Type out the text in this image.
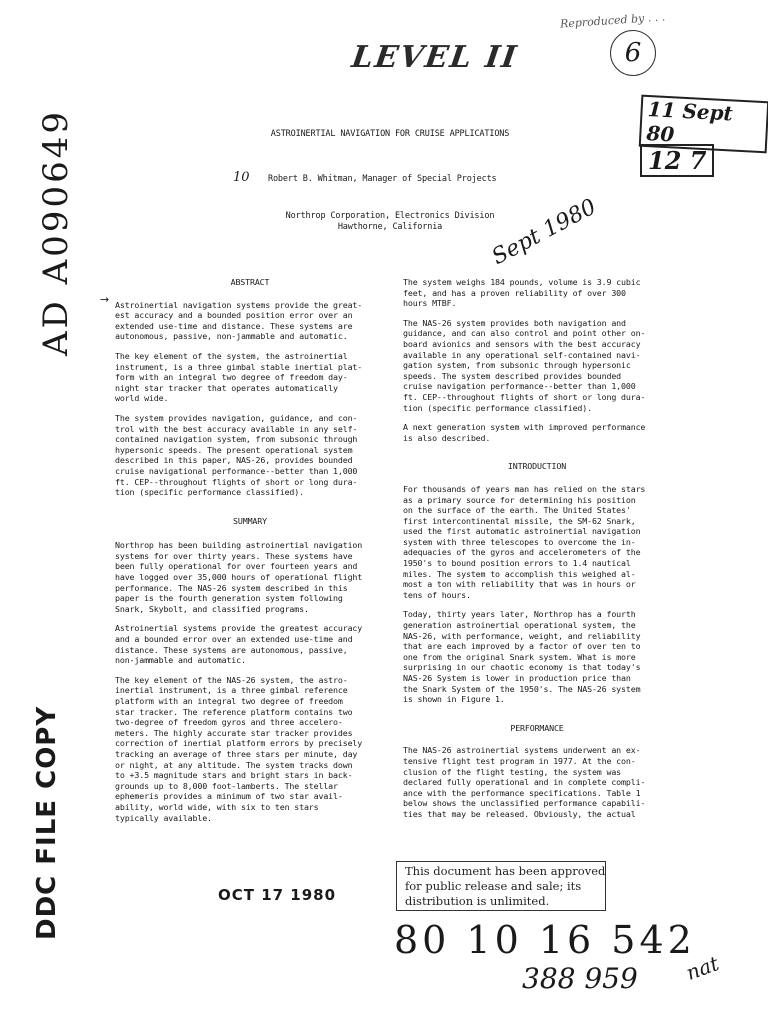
LEVEL II
Reproduced by . . .
6
11 Sept 80
12 7
ASTROINERTIAL NAVIGATION FOR CRUISE APPLICATIONS
10 Robert B. Whitman, Manager of Special Projects
Northrop Corporation, Electronics Division
Hawthorne, California	Sept 1980
AD A090649
DDC FILE COPY
ABSTRACT

Astroinertial navigation systems provide the great-
est accuracy and a bounded position error over an
extended use-time and distance. These systems are
autonomous, passive, non-jammable and automatic.

The key element of the system, the astroinertial
instrument, is a three gimbal stable inertial plat-
form with an integral two degree of freedom day-
night star tracker that operates automatically
world wide.

The system provides navigation, guidance, and con-
trol with the best accuracy available in any self-
contained navigation system, from subsonic through
hypersonic speeds. The present operational system
described in this paper, NAS-26, provides bounded
cruise navigational performance--better than 1,000
ft. CEP--throughout flights of short or long dura-
tion (specific performance classified).

SUMMARY

Northrop has been building astroinertial navigation
systems for over thirty years. These systems have
been fully operational for over fourteen years and
have logged over 35,000 hours of operational flight
performance. The NAS-26 system described in this
paper is the fourth generation system following
Snark, Skybolt, and classified programs.

Astroinertial systems provide the greatest accuracy
and a bounded error over an extended use-time and
distance. These systems are autonomous, passive,
non-jammable and automatic.

The key element of the NAS-26 system, the astro-
inertial instrument, is a three gimbal reference
platform with an integral two degree of freedom
star tracker. The reference platform contains two
two-degree of freedom gyros and three accelero-
meters. The highly accurate star tracker provides
correction of inertial platform errors by precisely
tracking an average of three stars per minute, day
or night, at any altitude. The system tracks down
to +3.5 magnitude stars and bright stars in back-
grounds up to 8,000 foot-lamberts. The stellar
ephemeris provides a minimum of two star avail-
ability, world wide, with six to ten stars
typically available.

→

The system weighs 184 pounds, volume is 3.9 cubic
feet, and has a proven reliability of over 300
hours MTBF.

The NAS-26 system provides both navigation and
guidance, and can also control and point other on-
board avionics and sensors with the best accuracy
available in any operational self-contained navi-
gation system, from subsonic through hypersonic
speeds. The system described provides bounded
cruise navigation performance--better than 1,000
ft. CEP--throughout flights of short or long dura-
tion (specific performance classified).

A next generation system with improved performance
is also described.

INTRODUCTION

For thousands of years man has relied on the stars
as a primary source for determining his position
on the surface of the earth. The United States'
first intercontinental missile, the SM-62 Snark,
used the first automatic astroinertial navigation
system with three telescopes to overcome the in-
adequacies of the gyros and accelerometers of the
1950's to bound position errors to 1.4 nautical
miles. The system to accomplish this weighed al-
most a ton with reliability that was in hours or
tens of hours.

Today, thirty years later, Northrop has a fourth
generation astroinertial operational system, the
NAS-26, with performance, weight, and reliability
that are each improved by a factor of over ten to
one from the original Snark system. What is more
surprising in our chaotic economy is that today's
NAS-26 System is lower in production price than
the Snark System of the 1950's. The NAS-26 system
is shown in Figure 1.

PERFORMANCE

The NAS-26 astroinertial systems underwent an ex-
tensive flight test program in 1977. At the con-
clusion of the flight testing, the system was
declared fully operational and in complete compli-
ance with the performance specifications. Table 1
below shows the unclassified performance capabili-
ties that may be released. Obviously, the actual

OCT 17 1980
This document has been approved
for public release and sale; its
distribution is unlimited.
80 10 16 542
388 959 nat
